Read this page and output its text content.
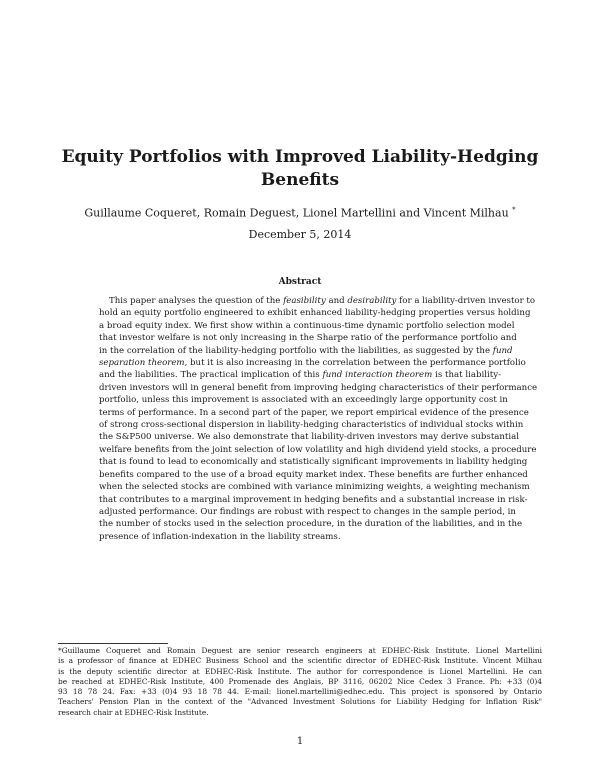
Equity Portfolios with Improved Liability-Hedging
Benefits
Guillaume Coqueret, Romain Deguest, Lionel Martellini and Vincent Milhau *
December 5, 2014
Abstract
This paper analyses the question of the feasibility and desirability for a liability-driven investor to
hold an equity portfolio engineered to exhibit enhanced liability-hedging properties versus holding
a broad equity index. We first show within a continuous-time dynamic portfolio selection model
that investor welfare is not only increasing in the Sharpe ratio of the performance portfolio and
in the correlation of the liability-hedging portfolio with the liabilities, as suggested by the fund
separation theorem, but it is also increasing in the correlation between the performance portfolio
and the liabilities. The practical implication of this fund interaction theorem is that liability-
driven investors will in general benefit from improving hedging characteristics of their performance
portfolio, unless this improvement is associated with an exceedingly large opportunity cost in
terms of performance. In a second part of the paper, we report empirical evidence of the presence
of strong cross-sectional dispersion in liability-hedging characteristics of individual stocks within
the S&P500 universe. We also demonstrate that liability-driven investors may derive substantial
welfare benefits from the joint selection of low volatility and high dividend yield stocks, a procedure
that is found to lead to economically and statistically significant improvements in liability hedging
benefits compared to the use of a broad equity market index. These benefits are further enhanced
when the selected stocks are combined with variance minimizing weights, a weighting mechanism
that contributes to a marginal improvement in hedging benefits and a substantial increase in risk-
adjusted performance. Our findings are robust with respect to changes in the sample period, in
the number of stocks used in the selection procedure, in the duration of the liabilities, and in the
presence of inflation-indexation in the liability streams.
*Guillaume Coqueret and Romain Deguest are senior research engineers at EDHEC-Risk Institute. Lionel Martellini
is a professor of finance at EDHEC Business School and the scientific director of EDHEC-Risk Institute. Vincent Milhau
is the deputy scientific director at EDHEC-Risk Institute. The author for correspondence is Lionel Martellini. He can
be reached at EDHEC-Risk Institute, 400 Promenade des Anglais, BP 3116, 06202 Nice Cedex 3 France. Ph: +33 (0)4
93 18 78 24. Fax: +33 (0)4 93 18 78 44. E-mail: lionel.martellini@edhec.edu. This project is sponsored by Ontario
Teachers' Pension Plan in the context of the "Advanced Investment Solutions for Liability Hedging for Inflation Risk"
research chair at EDHEC-Risk Institute.
1
